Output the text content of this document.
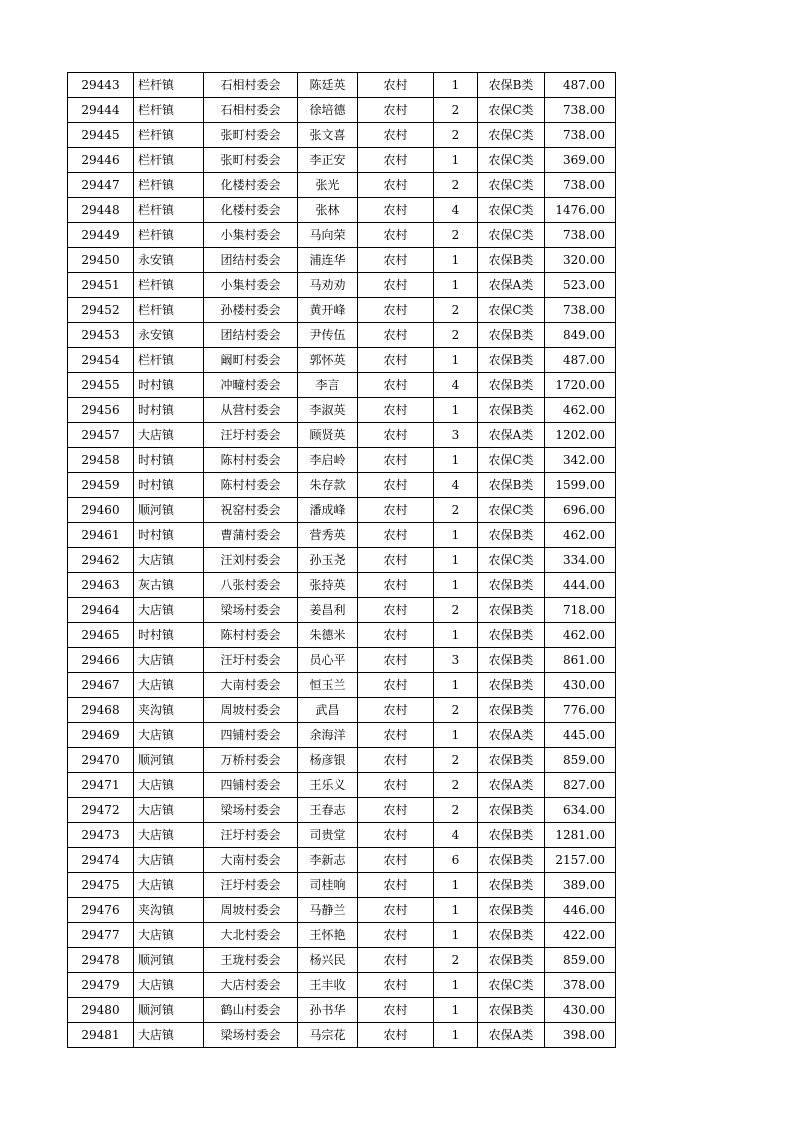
29443	栏杆镇	石相村委会	陈廷英	农村	1	农保B类	487.00
29444	栏杆镇	石相村委会	徐培德	农村	2	农保C类	738.00
29445	栏杆镇	张町村委会	张文喜	农村	2	农保C类	738.00
29446	栏杆镇	张町村委会	李正安	农村	1	农保C类	369.00
29447	栏杆镇	化楼村委会	张光	农村	2	农保C类	738.00
29448	栏杆镇	化楼村委会	张林	农村	4	农保C类	1476.00
29449	栏杆镇	小集村委会	马向荣	农村	2	农保C类	738.00
29450	永安镇	团结村委会	浦连华	农村	1	农保B类	320.00
29451	栏杆镇	小集村委会	马劝劝	农村	1	农保A类	523.00
29452	栏杆镇	孙楼村委会	黄开峰	农村	2	农保C类	738.00
29453	永安镇	团结村委会	尹传伍	农村	2	农保B类	849.00
29454	栏杆镇	阚町村委会	郭怀英	农村	1	农保B类	487.00
29455	时村镇	冲疃村委会	李言	农村	4	农保B类	1720.00
29456	时村镇	从营村委会	李淑英	农村	1	农保B类	462.00
29457	大店镇	汪圩村委会	顾贤英	农村	3	农保A类	1202.00
29458	时村镇	陈村村委会	李启岭	农村	1	农保C类	342.00
29459	时村镇	陈村村委会	朱存款	农村	4	农保B类	1599.00
29460	顺河镇	祝窑村委会	潘成峰	农村	2	农保C类	696.00
29461	时村镇	曹蒲村委会	营秀英	农村	1	农保B类	462.00
29462	大店镇	汪刘村委会	孙玉尧	农村	1	农保C类	334.00
29463	灰古镇	八张村委会	张持英	农村	1	农保B类	444.00
29464	大店镇	梁场村委会	姜昌利	农村	2	农保B类	718.00
29465	时村镇	陈村村委会	朱德米	农村	1	农保B类	462.00
29466	大店镇	汪圩村委会	员心平	农村	3	农保B类	861.00
29467	大店镇	大南村委会	恒玉兰	农村	1	农保B类	430.00
29468	夹沟镇	周坡村委会	武昌	农村	2	农保B类	776.00
29469	大店镇	四铺村委会	余海洋	农村	1	农保A类	445.00
29470	顺河镇	万桥村委会	杨彦银	农村	2	农保B类	859.00
29471	大店镇	四铺村委会	王乐义	农村	2	农保A类	827.00
29472	大店镇	梁场村委会	王春志	农村	2	农保B类	634.00
29473	大店镇	汪圩村委会	司贵堂	农村	4	农保B类	1281.00
29474	大店镇	大南村委会	李新志	农村	6	农保B类	2157.00
29475	大店镇	汪圩村委会	司桂响	农村	1	农保B类	389.00
29476	夹沟镇	周坡村委会	马静兰	农村	1	农保B类	446.00
29477	大店镇	大北村委会	王怀艳	农村	1	农保B类	422.00
29478	顺河镇	王珑村委会	杨兴民	农村	2	农保B类	859.00
29479	大店镇	大店村委会	王丰收	农村	1	农保C类	378.00
29480	顺河镇	鹤山村委会	孙书华	农村	1	农保B类	430.00
29481	大店镇	梁场村委会	马宗花	农村	1	农保A类	398.00
